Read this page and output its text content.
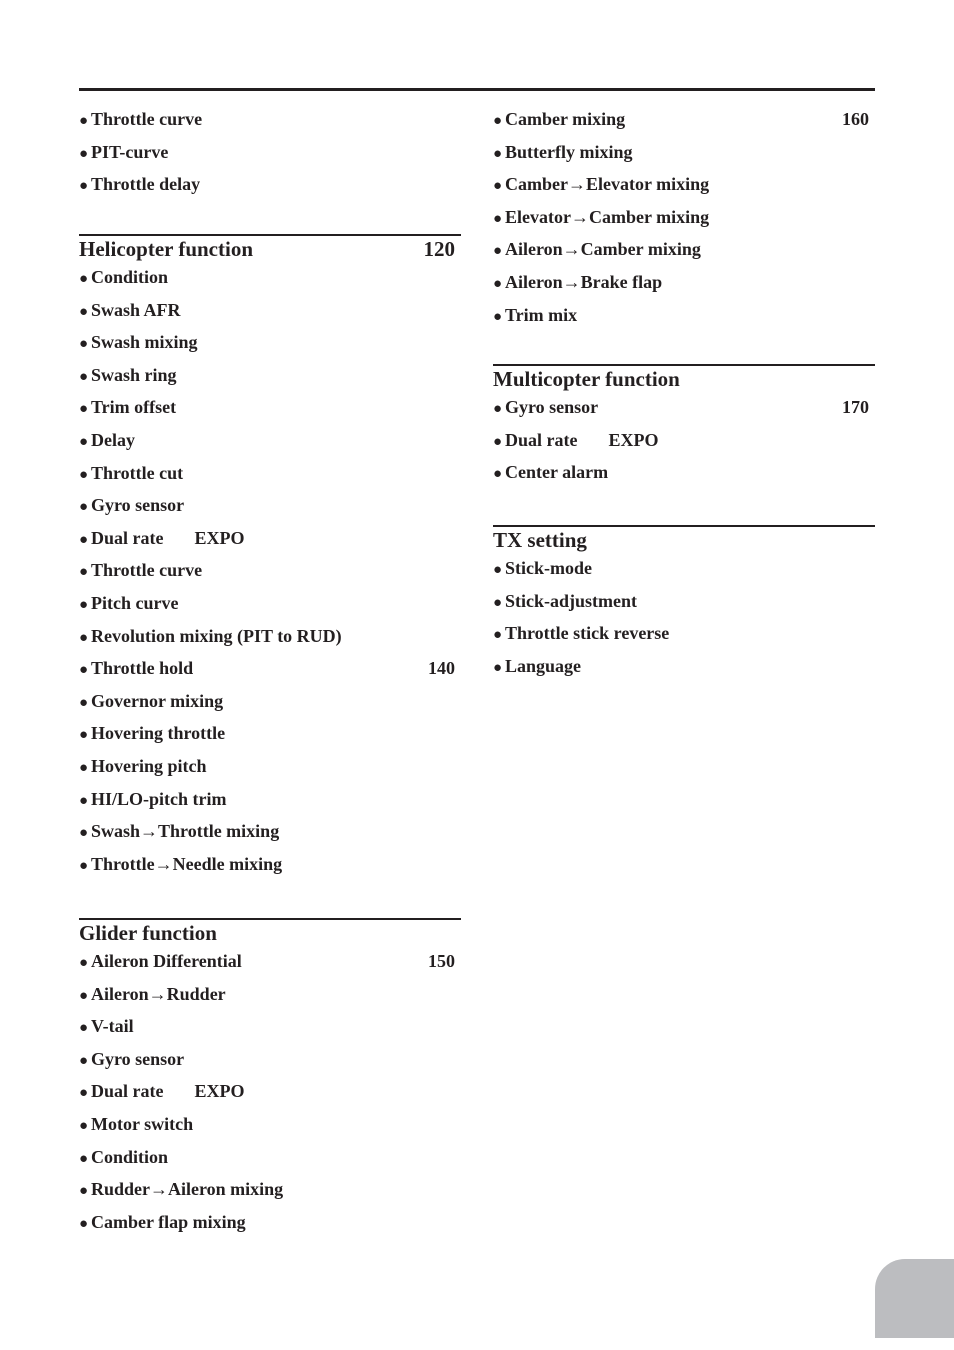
● Throttle curve
● PIT-curve
● Throttle delay
Helicopter function	120
● Condition
● Swash AFR
● Swash mixing
● Swash ring
● Trim offset
● Delay
● Throttle cut
● Gyro sensor
● Dual rate EXPO
● Throttle curve
● Pitch curve
● Revolution mixing (PIT to RUD)
● Throttle hold	140
● Governor mixing
● Hovering throttle
● Hovering pitch
● HI/LO-pitch trim
● Swash→Throttle mixing
● Throttle→Needle mixing
Glider function
● Aileron Differential	150
● Aileron→Rudder
● V-tail
● Gyro sensor
● Dual rate EXPO
● Motor switch
● Condition
● Rudder→Aileron mixing
● Camber flap mixing
● Camber mixing	160
● Butterfly mixing
● Camber→Elevator mixing
● Elevator→Camber mixing
● Aileron→Camber mixing
● Aileron→Brake flap
● Trim mix
Multicopter function
● Gyro sensor	170
● Dual rate EXPO
● Center alarm
TX setting
● Stick-mode
● Stick-adjustment
● Throttle stick reverse
● Language
